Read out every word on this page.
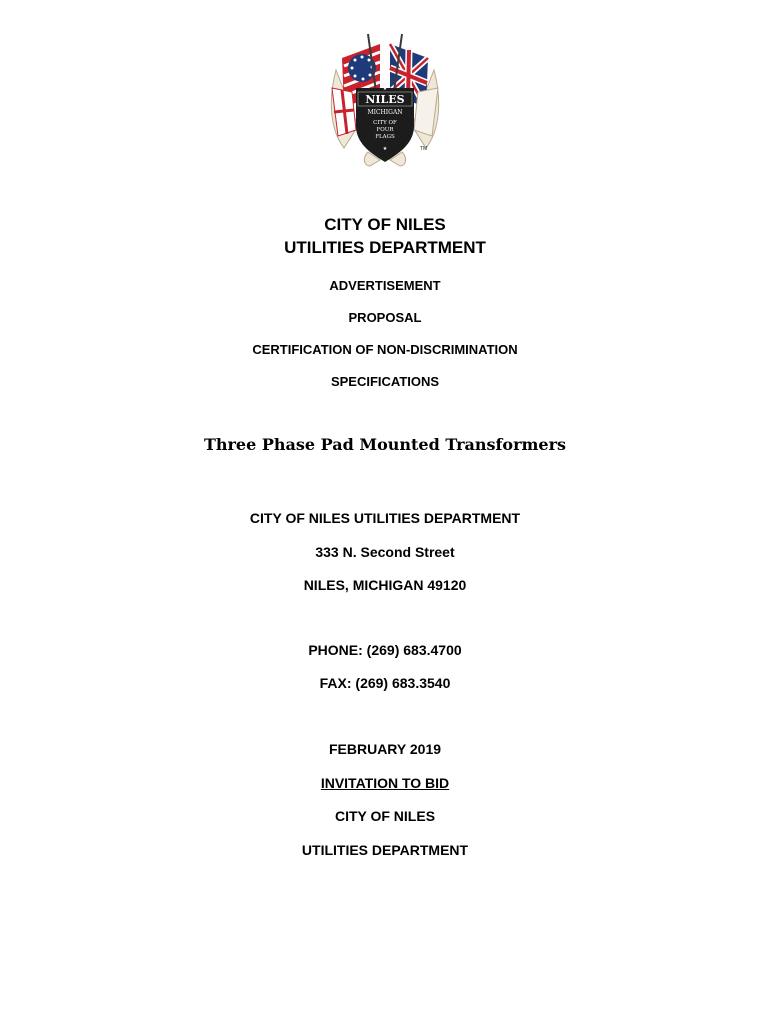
NILES
MICHIGAN
CITY OF
FOUR
FLAGS
★
★	TM
CITY OF NILES
UTILITIES DEPARTMENT
ADVERTISEMENT
PROPOSAL
CERTIFICATION OF NON-DISCRIMINATION
SPECIFICATIONS
Three Phase Pad Mounted Transformers
CITY OF NILES UTILITIES DEPARTMENT
333 N. Second Street
NILES, MICHIGAN 49120
PHONE: (269) 683.4700
FAX: (269) 683.3540
FEBRUARY 2019
INVITATION TO BID
CITY OF NILES
UTILITIES DEPARTMENT
